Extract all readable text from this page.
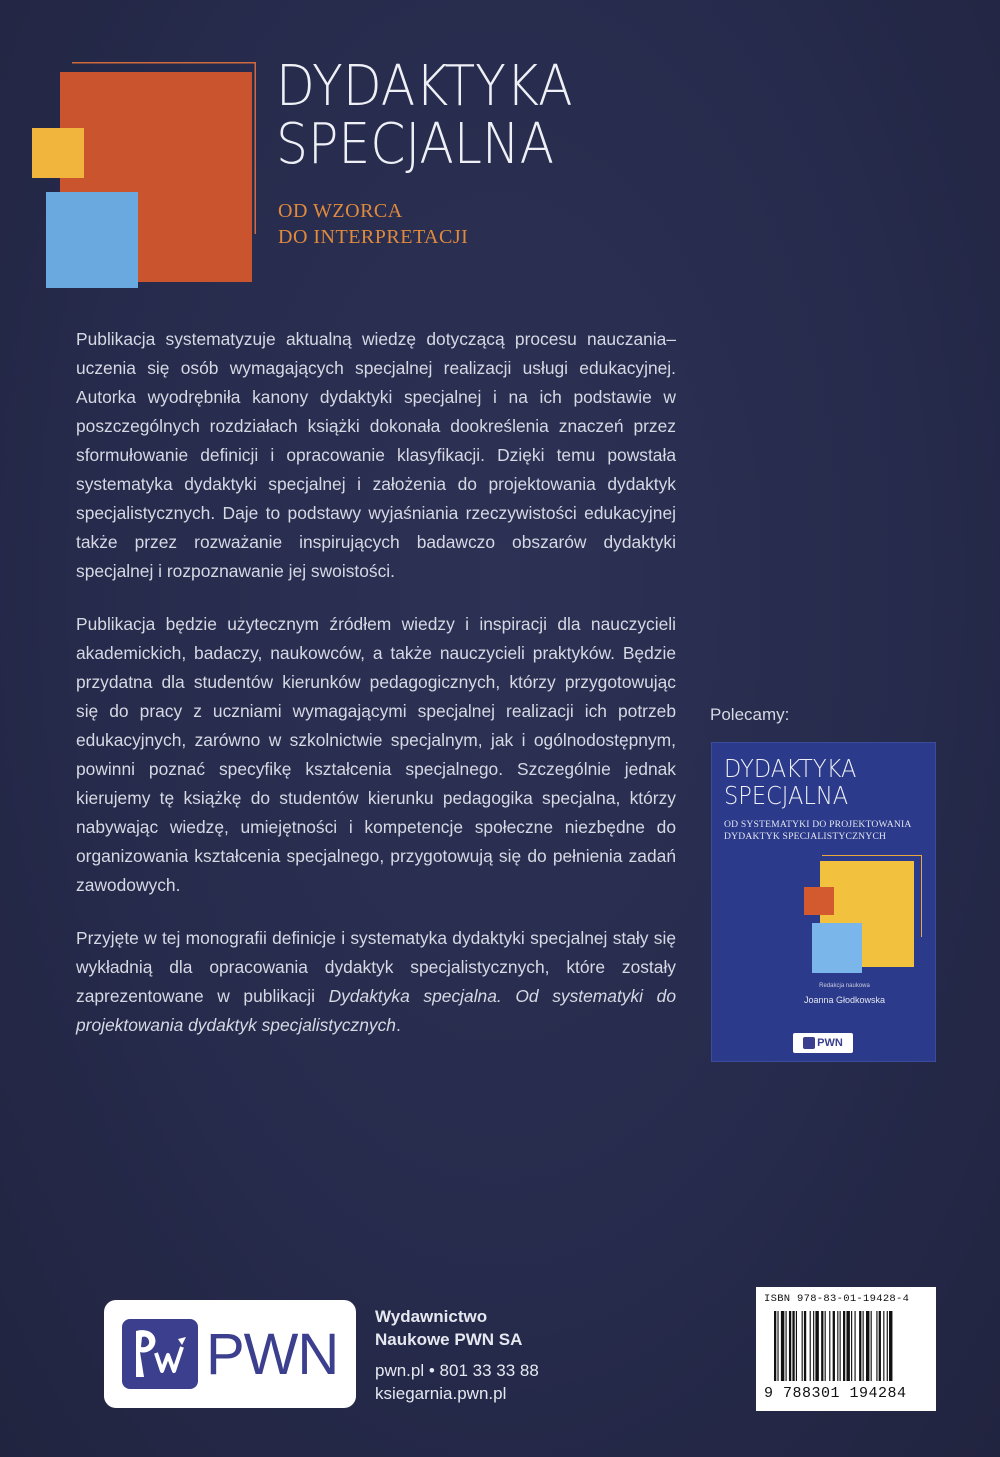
DYDAKTYKA
SPECJALNA
OD WZORCA
DO INTERPRETACJI

Publikacja systematyzuje aktualną wiedzę dotyczącą procesu nauczania–uczenia się osób wymagających specjalnej realizacji usługi edukacyjnej. Autorka wyodrębniła kanony dydaktyki specjalnej i na ich podstawie w poszczególnych rozdziałach książki dokonała dookreślenia znaczeń przez sformułowanie definicji i opracowanie klasyfikacji. Dzięki temu powstała systematyka dydaktyki specjalnej i założenia do projektowania dydaktyk specjalistycznych. Daje to podstawy wyjaśniania rzeczywistości edukacyjnej także przez rozważanie inspirujących badawczo obszarów dydaktyki specjalnej i rozpoznawanie jej swoistości.

Publikacja będzie użytecznym źródłem wiedzy i inspiracji dla nauczycieli akademickich, badaczy, naukowców, a także nauczycieli praktyków. Będzie przydatna dla studentów kierunków pedagogicznych, którzy przygotowując się do pracy z uczniami wymagającymi specjalnej realizacji ich potrzeb edukacyjnych, zarówno w szkolnictwie specjalnym, jak i ogólnodostępnym, powinni poznać specyfikę kształcenia specjalnego. Szczególnie jednak kierujemy tę książkę do studentów kierunku pedagogika specjalna, którzy nabywając wiedzę, umiejętności i kompetencje społeczne niezbędne do organizowania kształcenia specjalnego, przygotowują się do pełnienia zadań zawodowych.

Przyjęte w tej monografii definicje i systematyka dydaktyki specjalnej stały się wykładnią dla opracowania dydaktyk specjalistycznych, które zostały zaprezentowane w publikacji Dydaktyka specjalna. Od systematyki do projektowania dydaktyk specjalistycznych.

Polecamy:
DYDAKTYKA
SPECJALNA
OD SYSTEMATYKI DO PROJEKTOWANIA
DYDAKTYK SPECJALISTYCZNYCH
Redakcja naukowa
Joanna Głodkowska
PWN
PWN
Wydawnictwo
Naukowe PWN SA
pwn.pl • 801 33 33 88
ksiegarnia.pwn.pl
ISBN 978-83-01-19428-4
9 788301 194284
